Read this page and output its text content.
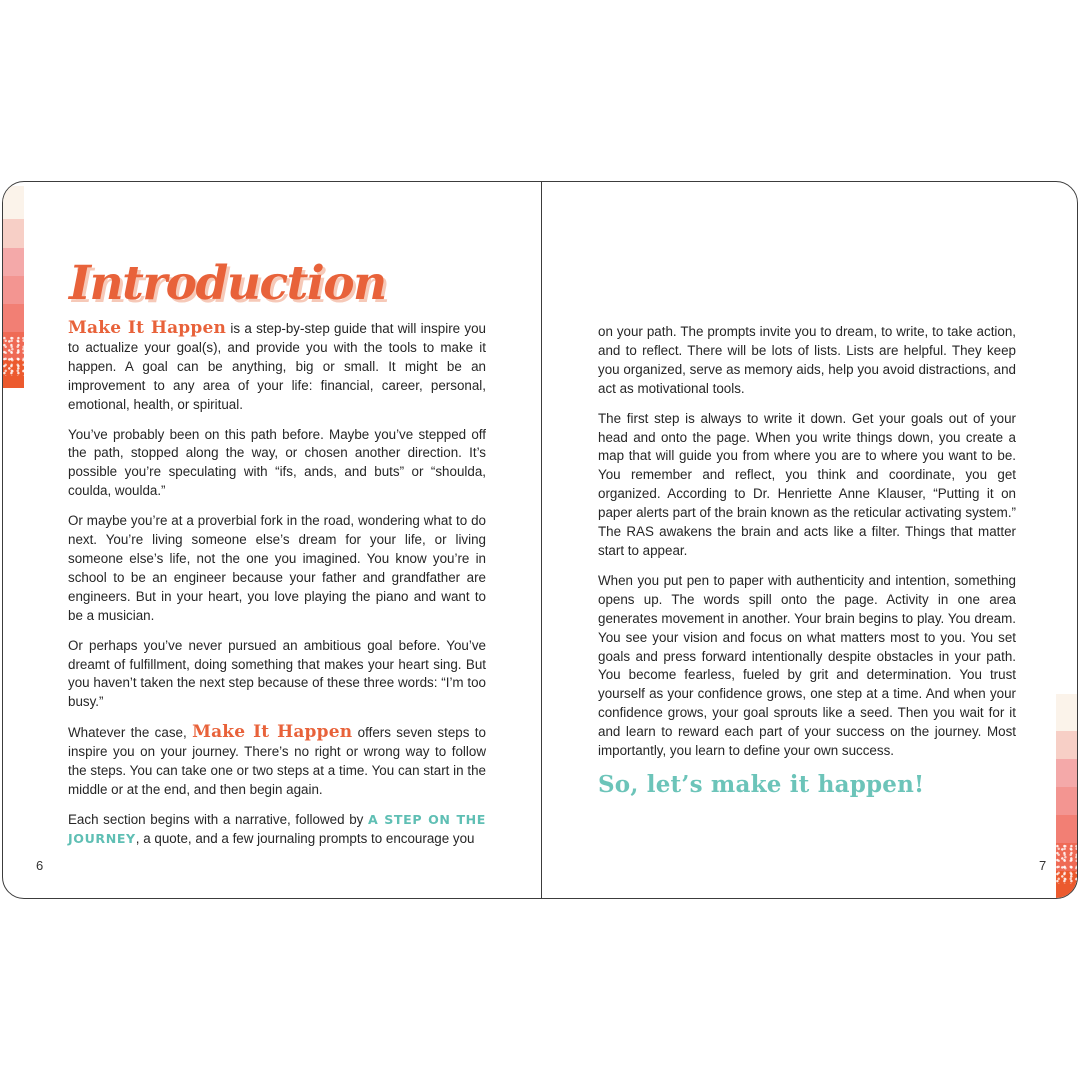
Introduction

Make It Happen is a step-by-step guide that will inspire you to actualize your goal(s), and provide you with the tools to make it happen. A goal can be anything, big or small. It might be an improvement to any area of your life: financial, career, personal, emotional, health, or spiritual.

You’ve probably been on this path before. Maybe you’ve stepped off the path, stopped along the way, or chosen another direction. It’s possible you’re speculating with “ifs, ands, and buts” or “shoulda, coulda, woulda.”

Or maybe you’re at a proverbial fork in the road, wondering what to do next. You’re living someone else’s dream for your life, or living someone else’s life, not the one you imagined. You know you’re in school to be an engineer because your father and grandfather are engineers. But in your heart, you love playing the piano and want to be a musician.

Or perhaps you’ve never pursued an ambitious goal before. You’ve dreamt of fulfillment, doing something that makes your heart sing. But you haven’t taken the next step because of these three words: “I’m too busy.”

Whatever the case, Make It Happen offers seven steps to inspire you on your journey. There’s no right or wrong way to follow the steps. You can take one or two steps at a time. You can start in the middle or at the end, and then begin again.

Each section begins with a narrative, followed by A STEP ON THE JOURNEY, a quote, and a few journaling prompts to encourage you

6

on your path. The prompts invite you to dream, to write, to take action, and to reflect. There will be lots of lists. Lists are helpful. They keep you organized, serve as memory aids, help you avoid distractions, and act as motivational tools.

The first step is always to write it down. Get your goals out of your head and onto the page. When you write things down, you create a map that will guide you from where you are to where you want to be. You remember and reflect, you think and coordinate, you get organized. According to Dr. Henriette Anne Klauser, “Putting it on paper alerts part of the brain known as the reticular activating system.” The RAS awakens the brain and acts like a filter. Things that matter start to appear.

When you put pen to paper with authenticity and intention, something opens up. The words spill onto the page. Activity in one area generates movement in another. Your brain begins to play. You dream. You see your vision and focus on what matters most to you. You set goals and press forward intentionally despite obstacles in your path. You become fearless, fueled by grit and determination. You trust yourself as your confidence grows, one step at a time. And when your confidence grows, your goal sprouts like a seed. Then you wait for it and learn to reward each part of your success on the journey. Most importantly, you learn to define your own success.

So, let’s make it happen!
7
